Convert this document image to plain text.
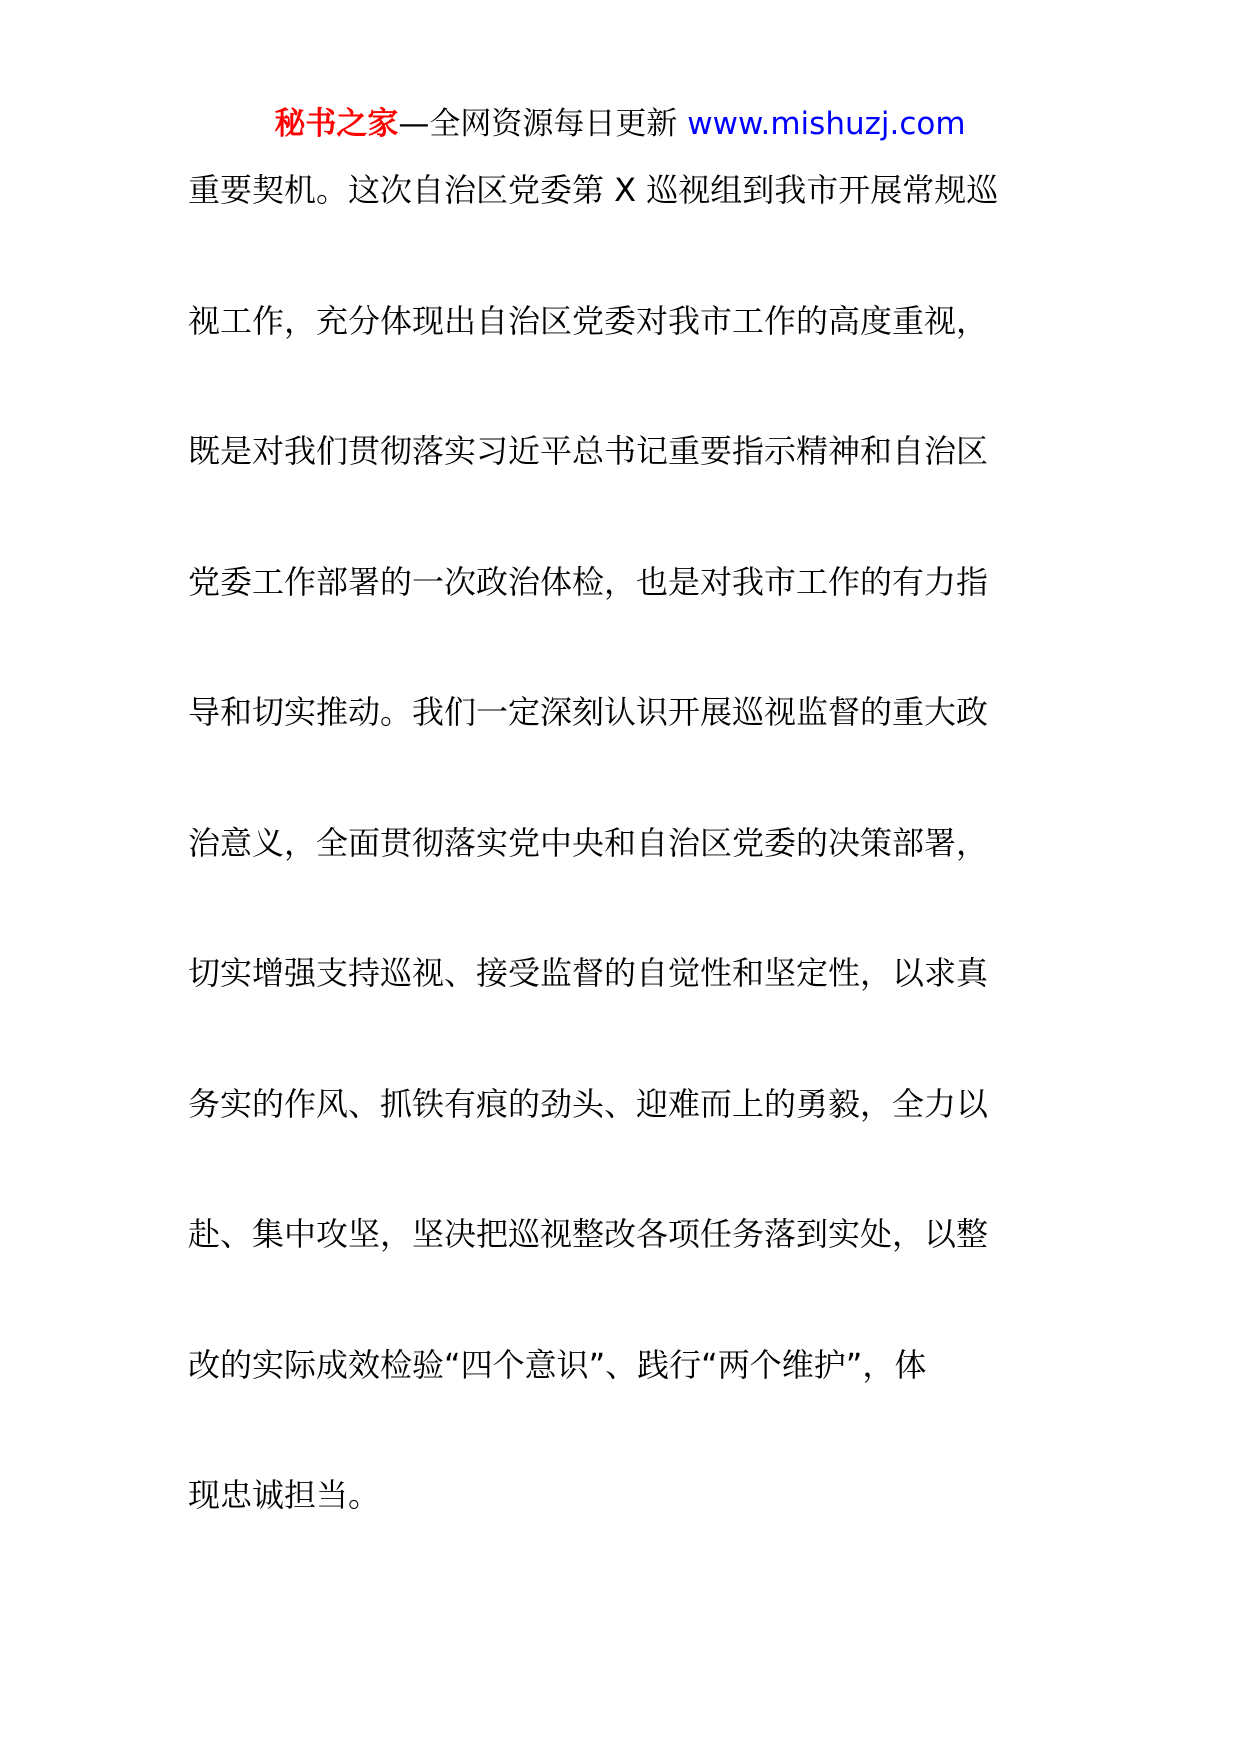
秘书之家—全网资源每日更新 www.mishuzj.com
重要契机。这次自治区党委第 X 巡视组到我市开展常规巡
视工作，充分体现出自治区党委对我市工作的高度重视，
既是对我们贯彻落实习近平总书记重要指示精神和自治区
党委工作部署的一次政治体检，也是对我市工作的有力指
导和切实推动。我们一定深刻认识开展巡视监督的重大政
治意义，全面贯彻落实党中央和自治区党委的决策部署，
切实增强支持巡视、接受监督的自觉性和坚定性，以求真
务实的作风、抓铁有痕的劲头、迎难而上的勇毅，全力以
赴、集中攻坚，坚决把巡视整改各项任务落到实处，以整
改的实际成效检验“四个意识”、践行“两个维护”，体
现忠诚担当。
